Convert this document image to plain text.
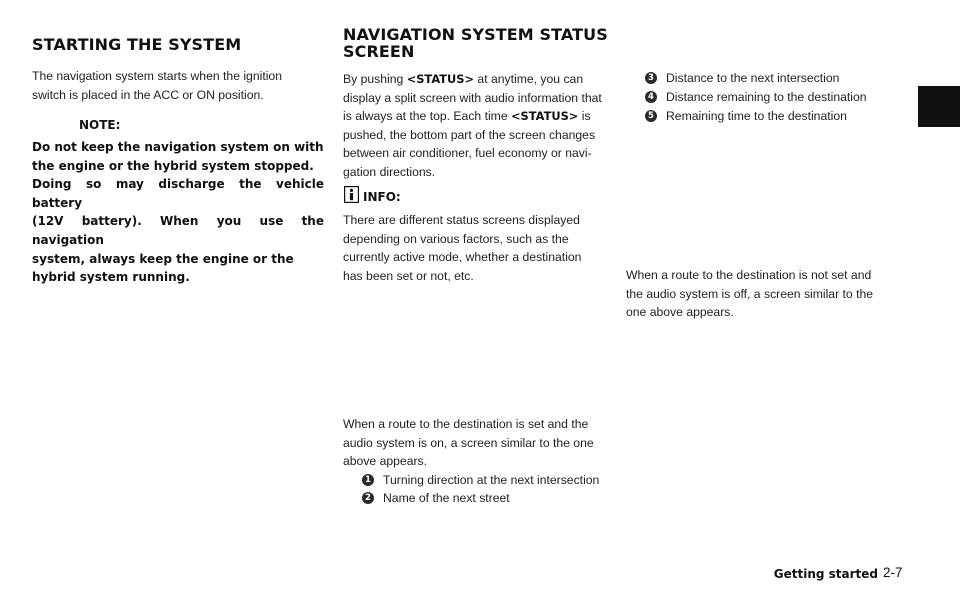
STARTING THE SYSTEM
The navigation system starts when the ignition
switch is placed in the ACC or ON position.
NOTE:
Do not keep the navigation system on with
the engine or the hybrid system stopped.
Doing so may discharge the vehicle battery
(12V battery). When you use the navigation
system, always keep the engine or the
hybrid system running.
NAVIGATION SYSTEM STATUS
SCREEN
By pushing <STATUS> at anytime, you can
display a split screen with audio information that
is always at the top. Each time <STATUS> is
pushed, the bottom part of the screen changes
between air conditioner, fuel economy or navi-
gation directions.
INFO:
There are different status screens displayed
depending on various factors, such as the
currently active mode, whether a destination
has been set or not, etc.
When a route to the destination is set and the
audio system is on, a screen similar to the one
above appears.
1 Turning direction at the next intersection
2 Name of the next street
3 Distance to the next intersection
4 Distance remaining to the destination
5 Remaining time to the destination
When a route to the destination is not set and
the audio system is off, a screen similar to the
one above appears.
Getting started 2-7
